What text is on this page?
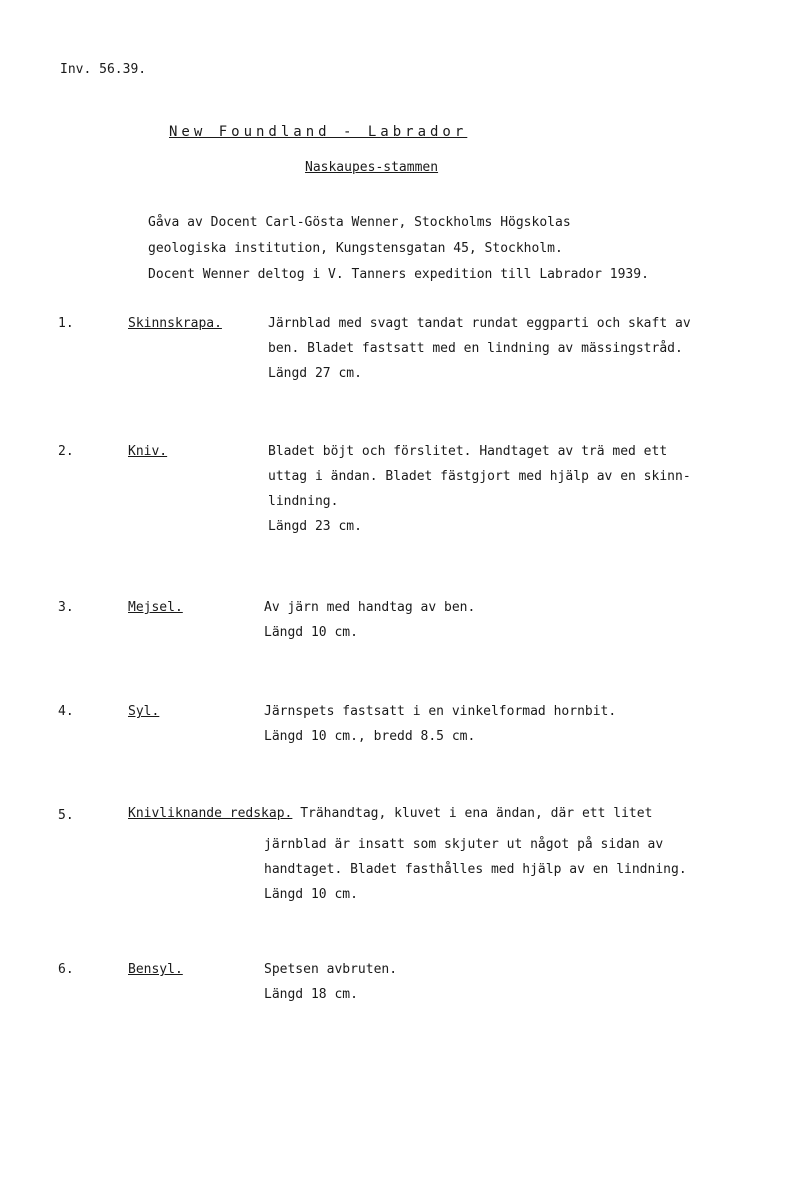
Inv. 56.39.
New Foundland - Labrador
Naskaupes-stammen
Gåva av Docent Carl-Gösta Wenner, Stockholms Högskolas
geologiska institution, Kungstensgatan 45, Stockholm.
Docent Wenner deltog i V. Tanners expedition till Labrador 1939.
1.	Skinnskrapa.	Järnblad med svagt tandat rundat eggparti och skaft av
ben. Bladet fastsatt med en lindning av mässingstråd.
Längd 27 cm.
2.	Kniv.	Bladet böjt och förslitet. Handtaget av trä med ett
uttag i ändan. Bladet fästgjort med hjälp av en skinn-
lindning.
Längd 23 cm.
3.	Mejsel.	Av järn med handtag av ben.
Längd 10 cm.
4.	Syl.	Järnspets fastsatt i en vinkelformad hornbit.
Längd 10 cm., bredd 8.5 cm.
5.	Knivliknande redskap. Trähandtag, kluvet i ena ändan, där ett litet
järnblad är insatt som skjuter ut något på sidan av
handtaget. Bladet fasthålles med hjälp av en lindning.
Längd 10 cm.
6.	Bensyl.	Spetsen avbruten.
Längd 18 cm.
